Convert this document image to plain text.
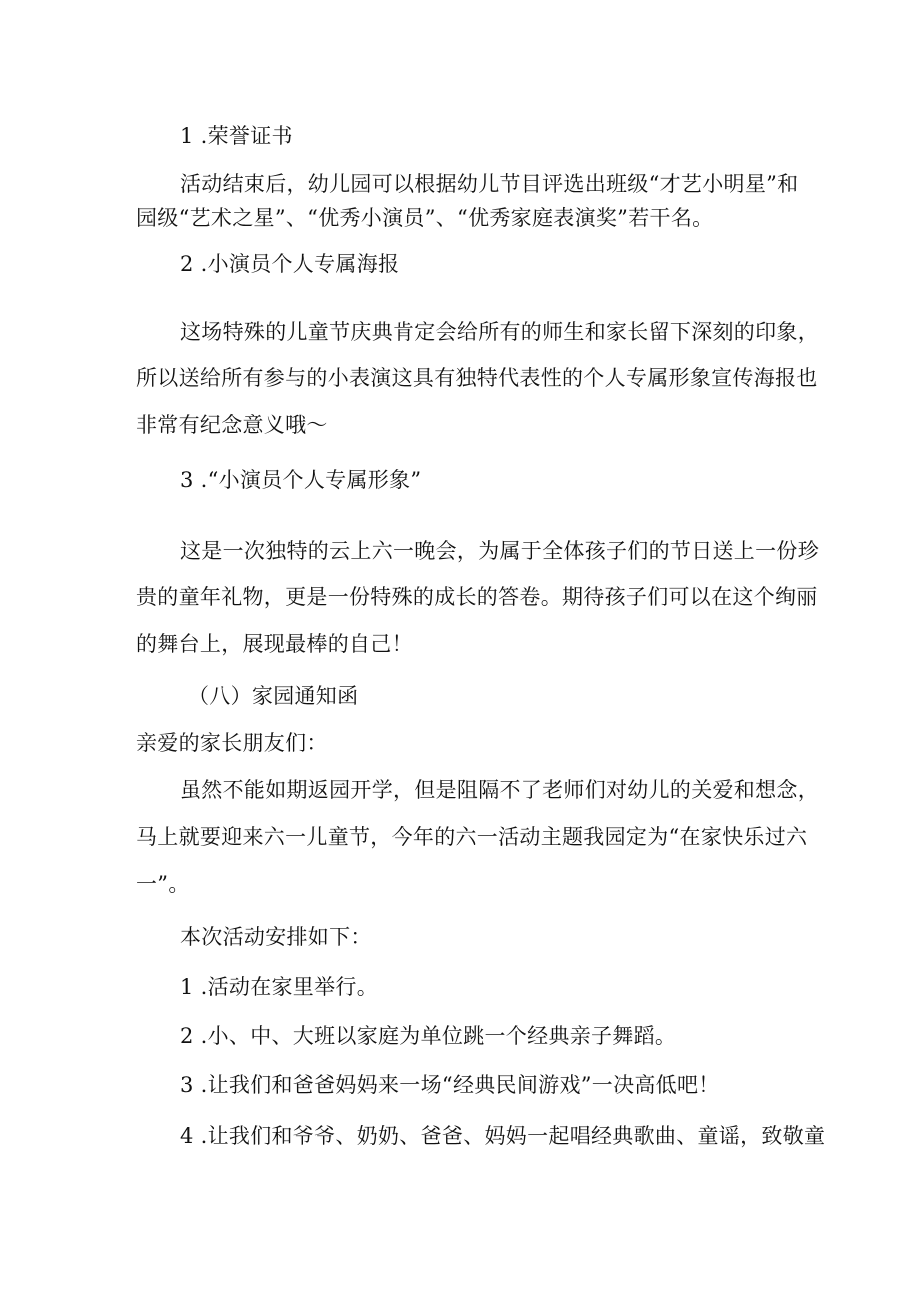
1 .荣誉证书
活动结束后，幼儿园可以根据幼儿节目评选出班级“才艺小明星”和
园级“艺术之星”、“优秀小演员”、“优秀家庭表演奖”若干名。
2 .小演员个人专属海报
这场特殊的儿童节庆典肯定会给所有的师生和家长留下深刻的印象，
所以送给所有参与的小表演这具有独特代表性的个人专属形象宣传海报也
非常有纪念意义哦～
3 .“小演员个人专属形象”
这是一次独特的云上六一晚会，为属于全体孩子们的节日送上一份珍
贵的童年礼物，更是一份特殊的成长的答卷。期待孩子们可以在这个绚丽
的舞台上，展现最棒的自己！
（八）家园通知函
亲爱的家长朋友们：
虽然不能如期返园开学，但是阻隔不了老师们对幼儿的关爱和想念，
马上就要迎来六一儿童节，今年的六一活动主题我园定为“在家快乐过六
一”。
本次活动安排如下：
1 .活动在家里举行。
2 .小、中、大班以家庭为单位跳一个经典亲子舞蹈。
3 .让我们和爸爸妈妈来一场“经典民间游戏”一决高低吧！
4 .让我们和爷爷、奶奶、爸爸、妈妈一起唱经典歌曲、童谣，致敬童
